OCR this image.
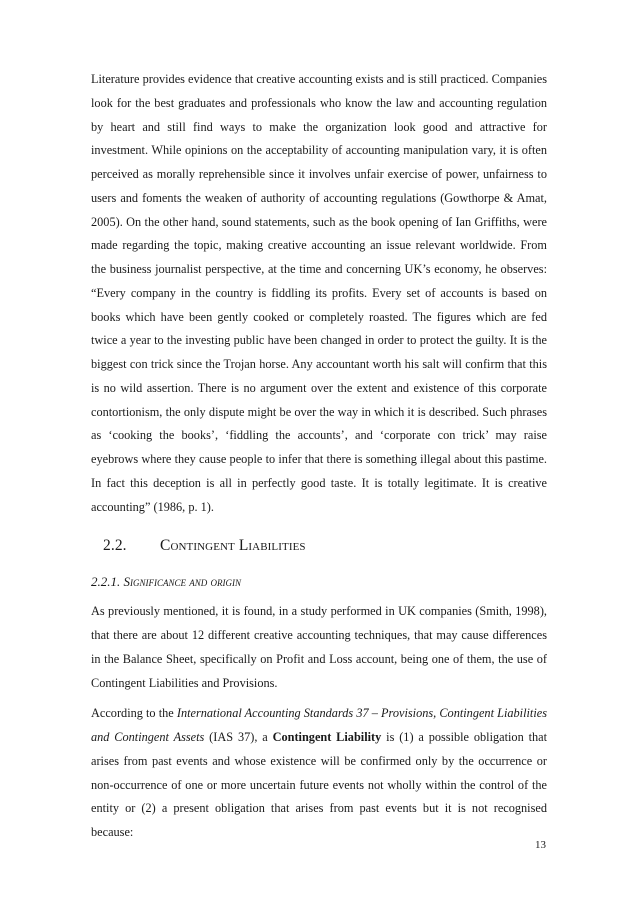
Literature provides evidence that creative accounting exists and is still practiced. Companies look for the best graduates and professionals who know the law and accounting regulation by heart and still find ways to make the organization look good and attractive for investment. While opinions on the acceptability of accounting manipulation vary, it is often perceived as morally reprehensible since it involves unfair exercise of power, unfairness to users and foments the weaken of authority of accounting regulations (Gowthorpe & Amat, 2005). On the other hand, sound statements, such as the book opening of Ian Griffiths, were made regarding the topic, making creative accounting an issue relevant worldwide. From the business journalist perspective, at the time and concerning UK’s economy, he observes: “Every company in the country is fiddling its profits. Every set of accounts is based on books which have been gently cooked or completely roasted. The figures which are fed twice a year to the investing public have been changed in order to protect the guilty. It is the biggest con trick since the Trojan horse. Any accountant worth his salt will confirm that this is no wild assertion. There is no argument over the extent and existence of this corporate contortionism, the only dispute might be over the way in which it is described. Such phrases as ‘cooking the books’, ‘fiddling the accounts’, and ‘corporate con trick’ may raise eyebrows where they cause people to infer that there is something illegal about this pastime. In fact this deception is all in perfectly good taste. It is totally legitimate. It is creative accounting” (1986, p. 1).

2.2.	Contingent Liabilities
2.2.1. Significance and origin

As previously mentioned, it is found, in a study performed in UK companies (Smith, 1998), that there are about 12 different creative accounting techniques, that may cause differences in the Balance Sheet, specifically on Profit and Loss account, being one of them, the use of Contingent Liabilities and Provisions.

According to the International Accounting Standards 37 – Provisions, Contingent Liabilities and Contingent Assets (IAS 37), a Contingent Liability is (1) a possible obligation that arises from past events and whose existence will be confirmed only by the occurrence or non-occurrence of one or more uncertain future events not wholly within the control of the entity or (2) a present obligation that arises from past events but it is not recognised because:

13
